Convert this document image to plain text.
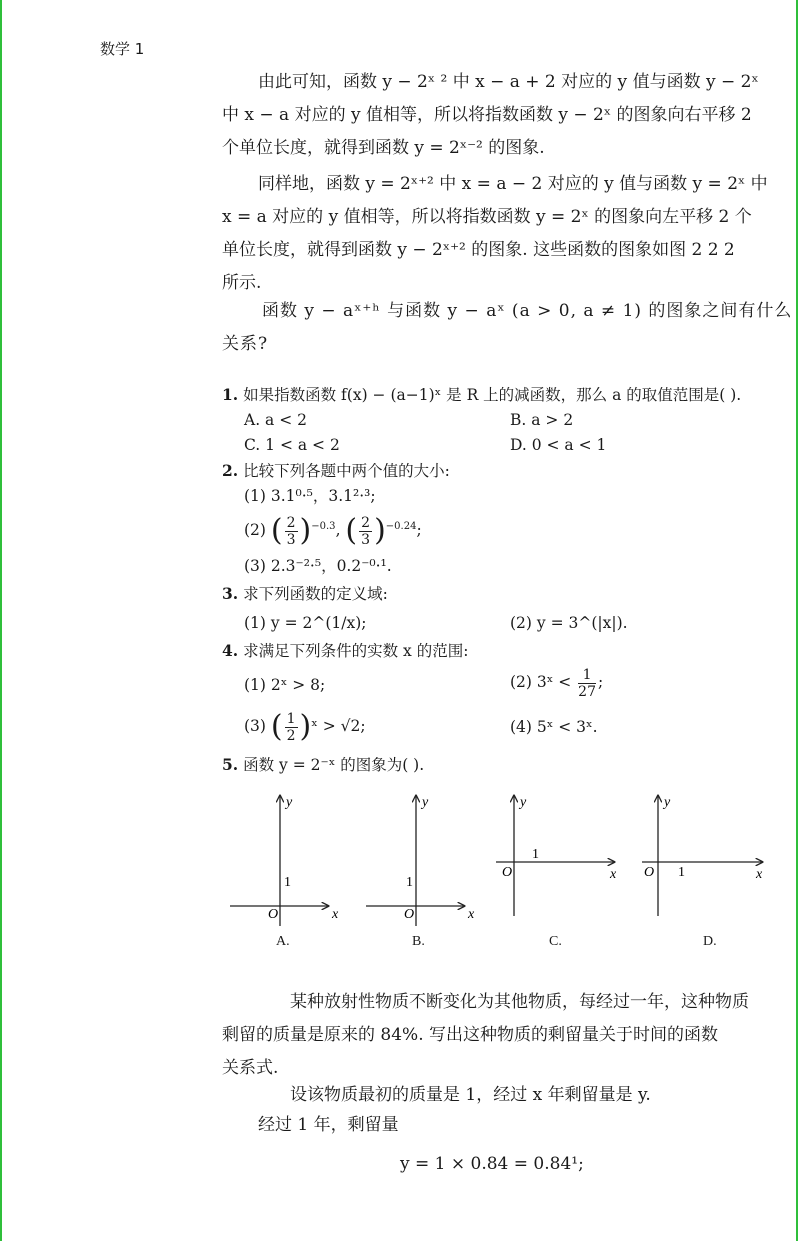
数学 1
由此可知，函数 y − 2ˣ ² 中 x − a + 2 对应的 y 值与函数 y − 2ˣ
中 x − a 对应的 y 值相等，所以将指数函数 y − 2ˣ 的图象向右平移 2
个单位长度，就得到函数 y = 2ˣ⁻² 的图象.
同样地，函数 y = 2ˣ⁺² 中 x = a − 2 对应的 y 值与函数 y = 2ˣ 中
x = a 对应的 y 值相等，所以将指数函数 y = 2ˣ 的图象向左平移 2 个
单位长度，就得到函数 y − 2ˣ⁺² 的图象. 这些函数的图象如图 2 2 2
所示.
函数 y − aˣ⁺ʰ 与函数 y − aˣ (a > 0, a ≠ 1) 的图象之间有什么
关系?
1. 如果指数函数 f(x) − (a−1)ˣ 是 R 上的减函数，那么 a 的取值范围是( ).
A. a < 2	B. a > 2
C. 1 < a < 2	D. 0 < a < 1
2. 比较下列各题中两个值的大小:
(1) 3.1⁰·⁵，3.1²·³;
(2) ( $\frac{2}{3} )^{-0.3}$, ( $\frac{2}{3} )^{-0.24}$;
(3) 2.3⁻²·⁵，0.2⁻⁰·¹.
3. 求下列函数的定义域:
(1) y = 2^(1/x);	(2) y = 3^(|x|).
4. 求满足下列条件的实数 x 的范围:
(1) 2ˣ > 8;	(2) 3ˣ < $\frac{1}{27}$ ;
(3) ( $\frac{1}{2}$ )ˣ > √2;	(4) 5ˣ < 3ˣ.
5. 函数 y = 2⁻ˣ 的图象为( ).
y
x
O
1
A.
y
x
O
1
B.
y
x
O
1
C.
y
x
O 1
D.
某种放射性物质不断变化为其他物质，每经过一年，这种物质
剩留的质量是原来的 84%. 写出这种物质的剩留量关于时间的函数
关系式.
设该物质最初的质量是 1，经过 x 年剩留量是 y.
经过 1 年，剩留量
y = 1 × 0.84 = 0.84¹;
